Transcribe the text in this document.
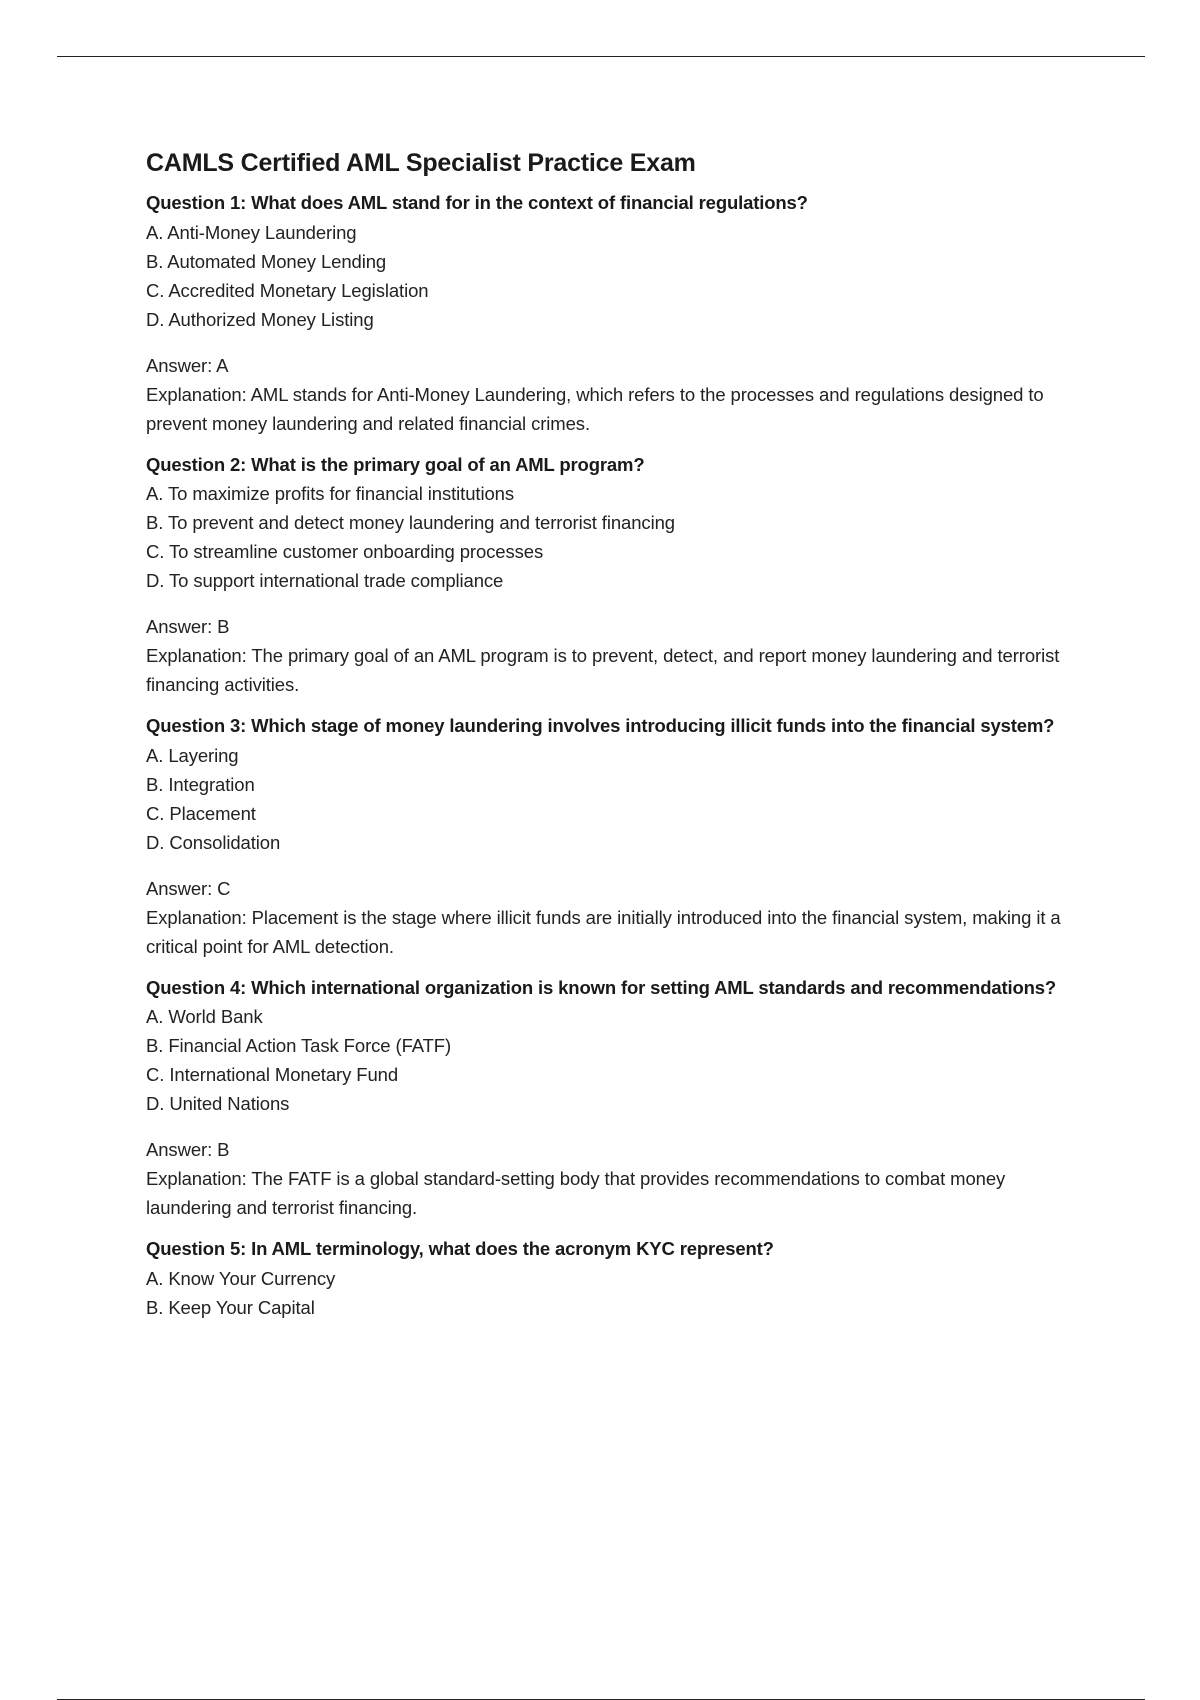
CAMLS Certified AML Specialist Practice Exam
Question 1: What does AML stand for in the context of financial regulations?
A. Anti-Money Laundering
B. Automated Money Lending
C. Accredited Monetary Legislation
D. Authorized Money Listing
Answer: A
Explanation: AML stands for Anti-Money Laundering, which refers to the processes and regulations designed to prevent money laundering and related financial crimes.
Question 2: What is the primary goal of an AML program?
A. To maximize profits for financial institutions
B. To prevent and detect money laundering and terrorist financing
C. To streamline customer onboarding processes
D. To support international trade compliance
Answer: B
Explanation: The primary goal of an AML program is to prevent, detect, and report money laundering and terrorist financing activities.
Question 3: Which stage of money laundering involves introducing illicit funds into the financial system?
A. Layering
B. Integration
C. Placement
D. Consolidation
Answer: C
Explanation: Placement is the stage where illicit funds are initially introduced into the financial system, making it a critical point for AML detection.
Question 4: Which international organization is known for setting AML standards and recommendations?
A. World Bank
B. Financial Action Task Force (FATF)
C. International Monetary Fund
D. United Nations
Answer: B
Explanation: The FATF is a global standard-setting body that provides recommendations to combat money laundering and terrorist financing.
Question 5: In AML terminology, what does the acronym KYC represent?
A. Know Your Currency
B. Keep Your Capital
